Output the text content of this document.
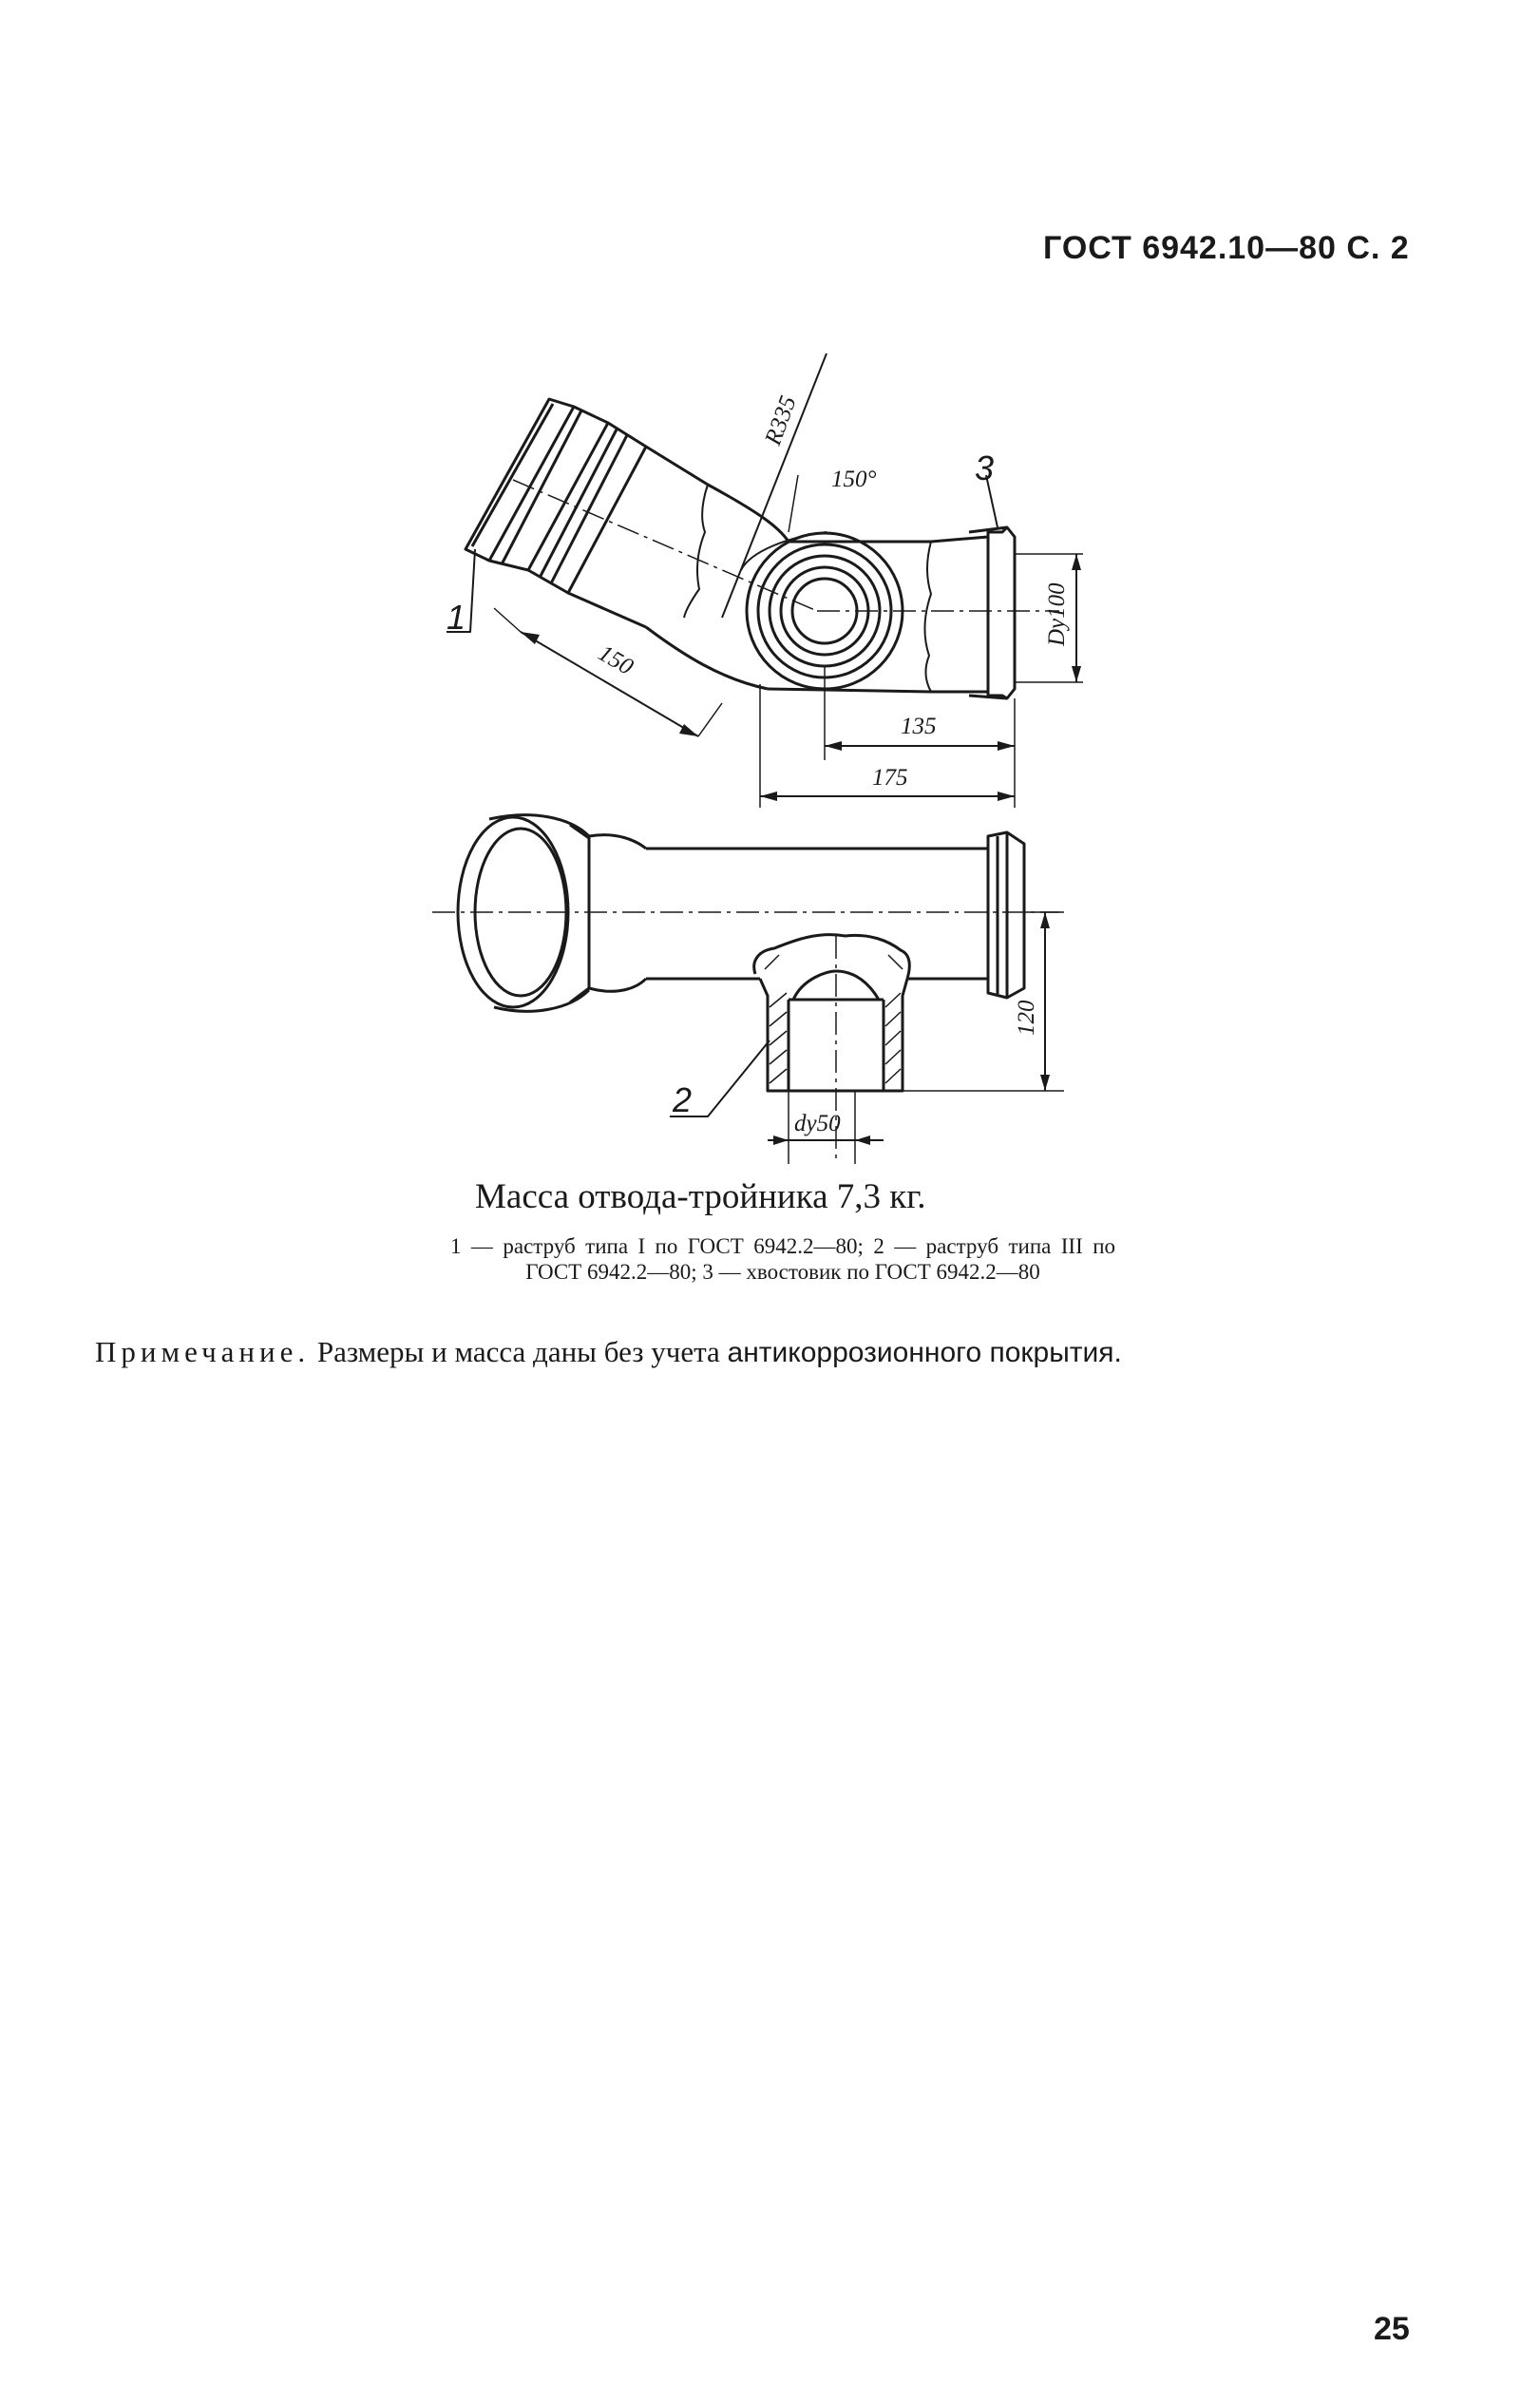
ГОСТ 6942.10—80 С. 2
R335
150°
150
Dy100
135
175
120
dy50
1
2
3
Масса отвода-тройника 7,3 кг.
1 — раструб типа I по ГОСТ 6942.2—80; 2 — раструб типа III по ГОСТ 6942.2—80; 3 — хвостовик по ГОСТ 6942.2—80
Примечание. Размеры и масса даны без учета антикоррозионного покрытия.
25
